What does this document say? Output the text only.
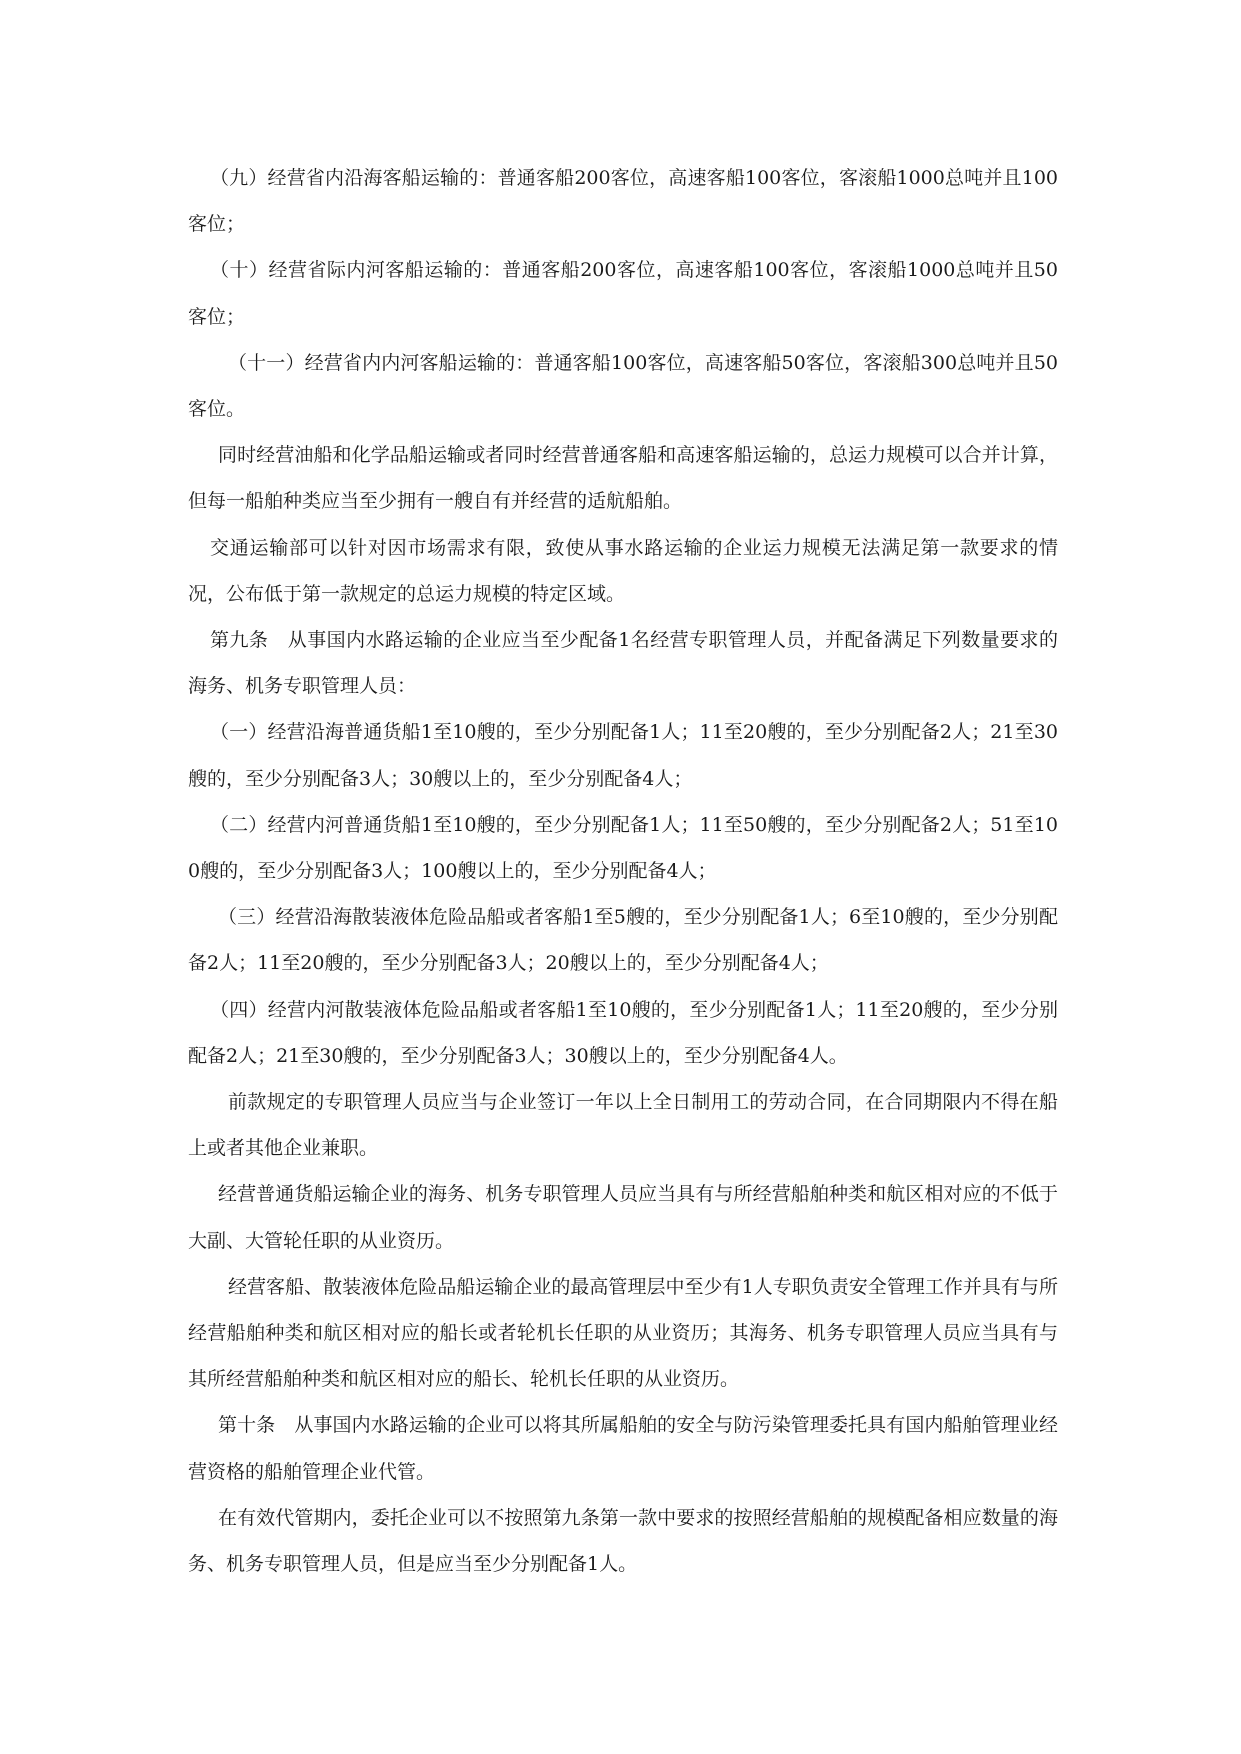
（九）经营省内沿海客船运输的：普通客船200客位，高速客船100客位，客滚船1000总吨并且100客位；

（十）经营省际内河客船运输的：普通客船200客位，高速客船100客位，客滚船1000总吨并且50客位；

（十一）经营省内内河客船运输的：普通客船100客位，高速客船50客位，客滚船300总吨并且50客位。

同时经营油船和化学品船运输或者同时经营普通客船和高速客船运输的，总运力规模可以合并计算，但每一船舶种类应当至少拥有一艘自有并经营的适航船舶。

交通运输部可以针对因市场需求有限，致使从事水路运输的企业运力规模无法满足第一款要求的情况，公布低于第一款规定的总运力规模的特定区域。

第九条　从事国内水路运输的企业应当至少配备1名经营专职管理人员，并配备满足下列数量要求的海务、机务专职管理人员：

（一）经营沿海普通货船1至10艘的，至少分别配备1人；11至20艘的，至少分别配备2人；21至30艘的，至少分别配备3人；30艘以上的，至少分别配备4人；

（二）经营内河普通货船1至10艘的，至少分别配备1人；11至50艘的，至少分别配备2人；51至100艘的，至少分别配备3人；100艘以上的，至少分别配备4人；

（三）经营沿海散装液体危险品船或者客船1至5艘的，至少分别配备1人；6至10艘的，至少分别配备2人；11至20艘的，至少分别配备3人；20艘以上的，至少分别配备4人；

（四）经营内河散装液体危险品船或者客船1至10艘的，至少分别配备1人；11至20艘的，至少分别配备2人；21至30艘的，至少分别配备3人；30艘以上的，至少分别配备4人。

前款规定的专职管理人员应当与企业签订一年以上全日制用工的劳动合同，在合同期限内不得在船上或者其他企业兼职。

经营普通货船运输企业的海务、机务专职管理人员应当具有与所经营船舶种类和航区相对应的不低于大副、大管轮任职的从业资历。

经营客船、散装液体危险品船运输企业的最高管理层中至少有1人专职负责安全管理工作并具有与所经营船舶种类和航区相对应的船长或者轮机长任职的从业资历；其海务、机务专职管理人员应当具有与其所经营船舶种类和航区相对应的船长、轮机长任职的从业资历。

第十条　从事国内水路运输的企业可以将其所属船舶的安全与防污染管理委托具有国内船舶管理业经营资格的船舶管理企业代管。

在有效代管期内，委托企业可以不按照第九条第一款中要求的按照经营船舶的规模配备相应数量的海务、机务专职管理人员，但是应当至少分别配备1人。
